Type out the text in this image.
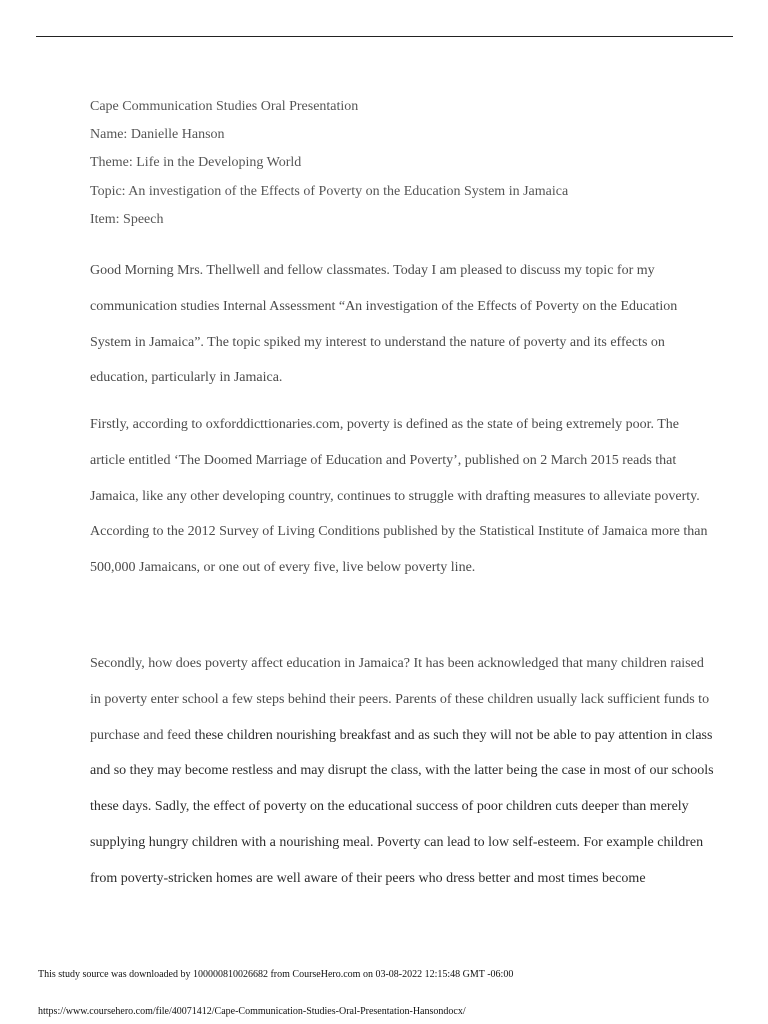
Cape Communication Studies Oral Presentation
Name: Danielle Hanson
Theme: Life in the Developing World
Topic: An investigation of the Effects of Poverty on the Education System in Jamaica
Item: Speech

Good Morning Mrs. Thellwell and fellow classmates. Today I am pleased to discuss my topic for my communication studies Internal Assessment “An investigation of the Effects of Poverty on the Education System in Jamaica”. The topic spiked my interest to understand the nature of poverty and its effects on education, particularly in Jamaica.

Firstly, according to oxforddicttionaries.com, poverty is defined as the state of being extremely poor. The article entitled ‘The Doomed Marriage of Education and Poverty’, published on 2 March 2015 reads that Jamaica, like any other developing country, continues to struggle with drafting measures to alleviate poverty. According to the 2012 Survey of Living Conditions published by the Statistical Institute of Jamaica more than 500,000 Jamaicans, or one out of every five, live below poverty line.

Secondly, how does poverty affect education in Jamaica? It has been acknowledged that many children raised in poverty enter school a few steps behind their peers. Parents of these children usually lack sufficient funds to purchase and feed these children nourishing breakfast and as such they will not be able to pay attention in class and so they may become restless and may disrupt the class, with the latter being the case in most of our schools these days. Sadly, the effect of poverty on the educational success of poor children cuts deeper than merely supplying hungry children with a nourishing meal. Poverty can lead to low self-esteem. For example children from poverty-stricken homes are well aware of their peers who dress better and most times become

This study source was downloaded by 100000810026682 from CourseHero.com on 03-08-2022 12:15:48 GMT -06:00
https://www.coursehero.com/file/40071412/Cape-Communication-Studies-Oral-Presentation-Hansondocx/
